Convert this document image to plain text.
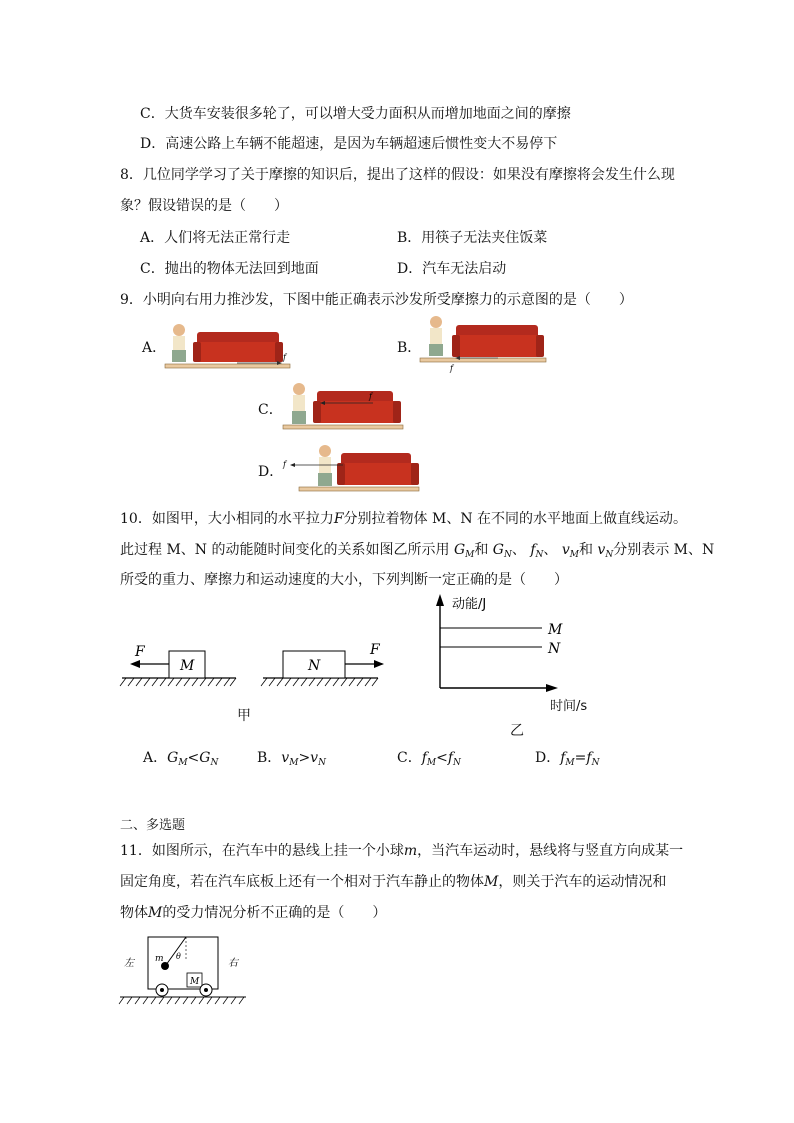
C．大货车安装很多轮了，可以增大受力面积从而增加地面之间的摩擦
D．高速公路上车辆不能超速，是因为车辆超速后惯性变大不易停下
8．几位同学学习了关于摩擦的知识后，提出了这样的假设：如果没有摩擦将会发生什么现
象？假设错误的是（　　）
A．人们将无法正常行走	B．用筷子无法夹住饭菜
C．抛出的物体无法回到地面	D．汽车无法启动
9．小明向右用力推沙发，下图中能正确表示沙发所受摩擦力的示意图的是（　　）
A．	B．
C．
D．
f
f
f
f
10．如图甲，大小相同的水平拉力F分别拉着物体 M、N 在不同的水平地面上做直线运动。
此过程 M、N 的动能随时间变化的关系如图乙所示用 $G_M$和 $G_N$、 $f_N$、 $v_M$和 $v_N$分别表示 M、N
所受的重力、摩擦力和运动速度的大小，下列判断一定正确的是（　　）
M
F
N
F
甲
动能/J
M
N
时间/s
乙
A．$G_M<G_N$	B．$v_M>v_N$	C．$f_M<f_N$	D．$f_M=f_N$
二、多选题
11．如图所示，在汽车中的悬线上挂一个小球m，当汽车运动时，悬线将与竖直方向成某一
固定角度，若在汽车底板上还有一个相对于汽车静止的物体M，则关于汽车的运动情况和
物体M的受力情况分析不正确的是（　　）
m θ
M
左	右
